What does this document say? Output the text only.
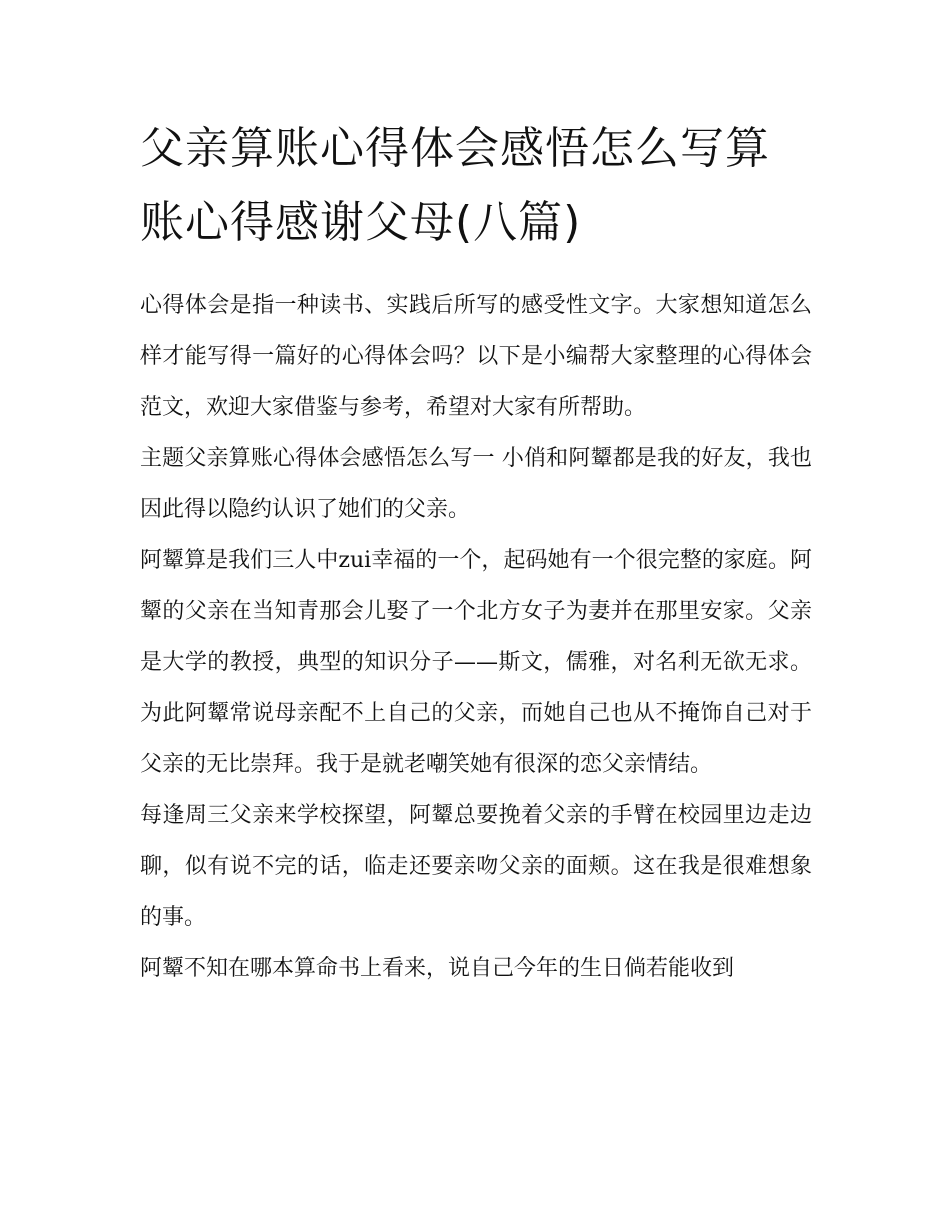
父亲算账心得体会感悟怎么写算账心得感谢父母(八篇)

心得体会是指一种读书、实践后所写的感受性文字。大家想知道怎么样才能写得一篇好的心得体会吗？以下是小编帮大家整理的心得体会范文，欢迎大家借鉴与参考，希望对大家有所帮助。

主题父亲算账心得体会感悟怎么写一 小俏和阿颦都是我的好友，我也因此得以隐约认识了她们的父亲。

阿颦算是我们三人中zui幸福的一个，起码她有一个很完整的家庭。阿颦的父亲在当知青那会儿娶了一个北方女子为妻并在那里安家。父亲是大学的教授，典型的知识分子——斯文，儒雅，对名利无欲无求。为此阿颦常说母亲配不上自己的父亲，而她自己也从不掩饰自己对于父亲的无比崇拜。我于是就老嘲笑她有很深的恋父亲情结。

每逢周三父亲来学校探望，阿颦总要挽着父亲的手臂在校园里边走边聊，似有说不完的话，临走还要亲吻父亲的面颊。这在我是很难想象的事。

阿颦不知在哪本算命书上看来，说自己今年的生日倘若能收到
